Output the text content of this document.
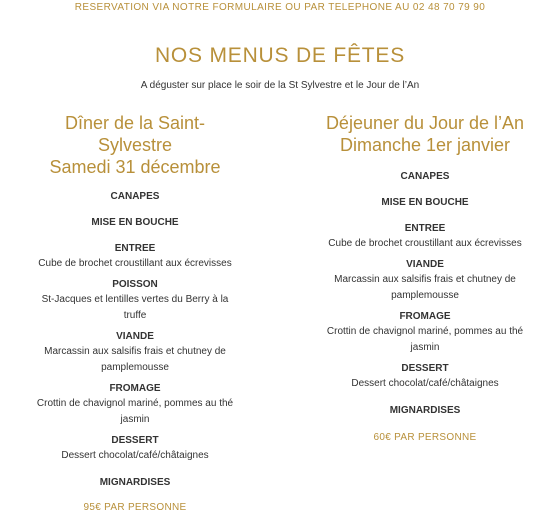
RESERVATION VIA NOTRE FORMULAIRE OU PAR TELEPHONE AU 02 48 70 79 90
NOS MENUS DE FÊTES
A déguster sur place le soir de la St Sylvestre et le Jour de l’An
Dîner de la Saint-
Sylvestre
Samedi 31 décembre
CANAPES
MISE EN BOUCHE
ENTREE
Cube de brochet croustillant aux écrevisses
POISSON
St-Jacques et lentilles vertes du Berry à la
truffe
VIANDE
Marcassin aux salsifis frais et chutney de
pamplemousse
FROMAGE
Crottin de chavignol mariné, pommes au thé
jasmin
DESSERT
Dessert chocolat/café/châtaignes
MIGNARDISES
95€ PAR PERSONNE
Déjeuner du Jour de l’An
Dimanche 1er janvier
CANAPES
MISE EN BOUCHE
ENTREE
Cube de brochet croustillant aux écrevisses
VIANDE
Marcassin aux salsifis frais et chutney de
pamplemousse
FROMAGE
Crottin de chavignol mariné, pommes au thé
jasmin
DESSERT
Dessert chocolat/café/châtaignes
MIGNARDISES
60€ PAR PERSONNE
